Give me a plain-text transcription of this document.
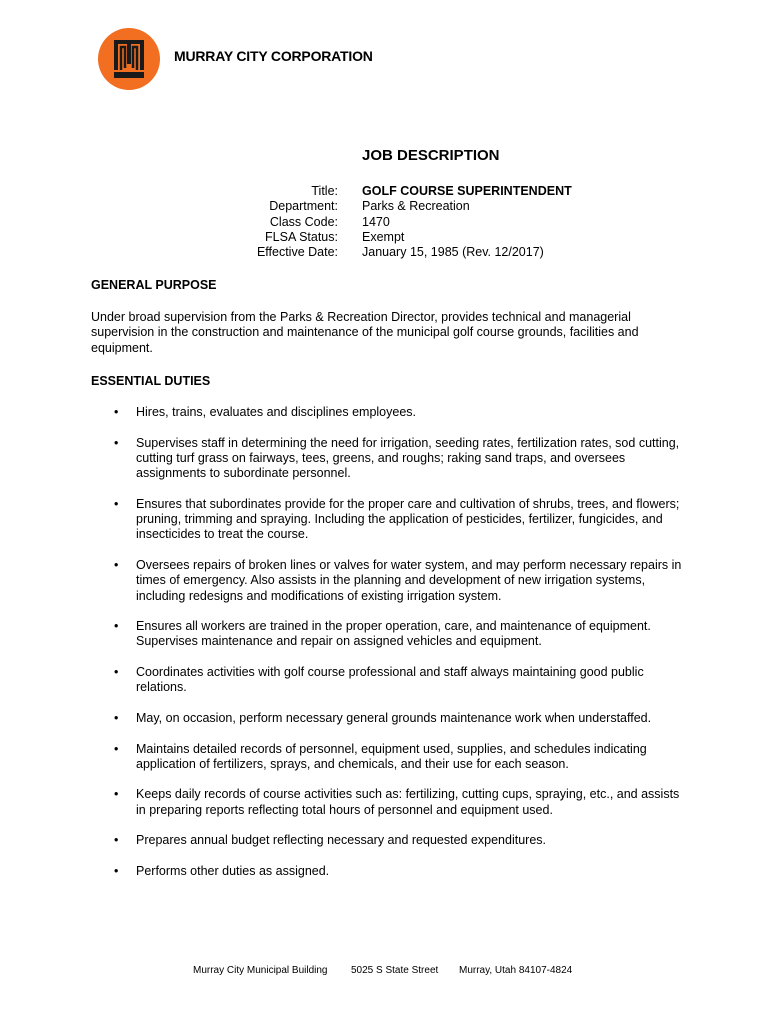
MURRAY CITY CORPORATION
JOB DESCRIPTION
Title:
Department:
Class Code:
FLSA Status:
Effective Date:
GOLF COURSE SUPERINTENDENT
Parks & Recreation
1470
Exempt
January 15, 1985 (Rev. 12/2017)
GENERAL PURPOSE
Under broad supervision from the Parks & Recreation Director, provides technical and managerial supervision in the construction and maintenance of the municipal golf course grounds, facilities and equipment.
ESSENTIAL DUTIES
• Hires, trains, evaluates and disciplines employees.
• Supervises staff in determining the need for irrigation, seeding rates, fertilization rates, sod cutting, cutting turf grass on fairways, tees, greens, and roughs; raking sand traps, and oversees assignments to subordinate personnel.
• Ensures that subordinates provide for the proper care and cultivation of shrubs, trees, and flowers; pruning, trimming and spraying. Including the application of pesticides, fertilizer, fungicides, and insecticides to treat the course.
• Oversees repairs of broken lines or valves for water system, and may perform necessary repairs in times of emergency. Also assists in the planning and development of new irrigation systems, including redesigns and modifications of existing irrigation system.
• Ensures all workers are trained in the proper operation, care, and maintenance of equipment. Supervises maintenance and repair on assigned vehicles and equipment.
• Coordinates activities with golf course professional and staff always maintaining good public relations.
• May, on occasion, perform necessary general grounds maintenance work when understaffed.
• Maintains detailed records of personnel, equipment used, supplies, and schedules indicating application of fertilizers, sprays, and chemicals, and their use for each season.
• Keeps daily records of course activities such as: fertilizing, cutting cups, spraying, etc., and assists in preparing reports reflecting total hours of personnel and equipment used.
• Prepares annual budget reflecting necessary and requested expenditures.
• Performs other duties as assigned.
Murray City Municipal Building 5025 S State Street Murray, Utah 84107-4824
